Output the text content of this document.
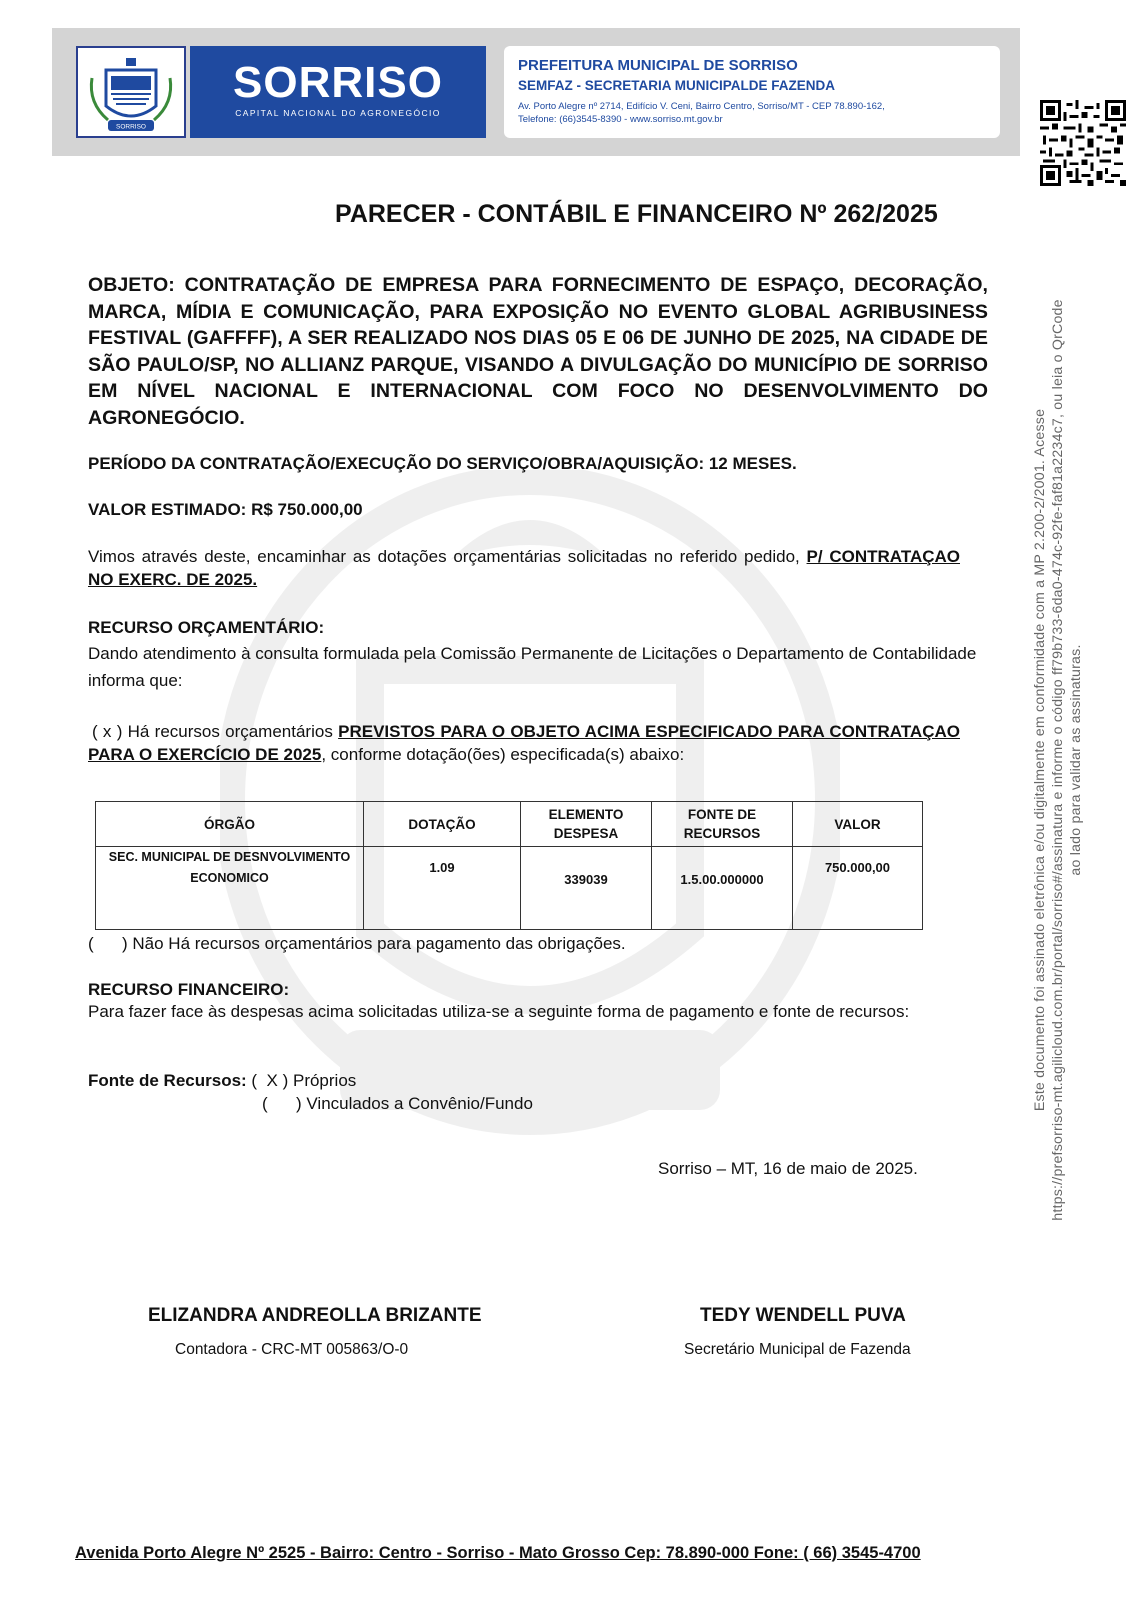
SORRISO
SORRISO
CAPITAL NACIONAL DO AGRONEGÓCIO
PREFEITURA MUNICIPAL DE SORRISO
SEMFAZ - SECRETARIA MUNICIPALDE FAZENDA
Av. Porto Alegre nº 2714, Edifício V. Ceni, Bairro Centro, Sorriso/MT - CEP 78.890-162,
Telefone: (66)3545-8390 - www.sorriso.mt.gov.br
Este documento foi assinado eletrônica e/ou digitalmente em conformidade com a MP 2.200-2/2001. Acesse https://prefsorriso-mt.agilicloud.com.br/portal/sorriso#/assinatura e informe o código ff79b733-6da0-474c-92fe-faf81a2234c7, ou leia o QrCode ao lado para validar as assinaturas.
PARECER - CONTÁBIL E FINANCEIRO Nº 262/2025
OBJETO: CONTRATAÇÃO DE EMPRESA PARA FORNECIMENTO DE ESPAÇO, DECORAÇÃO, MARCA, MÍDIA E COMUNICAÇÃO, PARA EXPOSIÇÃO NO EVENTO GLOBAL AGRIBUSINESS FESTIVAL (GAFFFF), A SER REALIZADO NOS DIAS 05 E 06 DE JUNHO DE 2025, NA CIDADE DE SÃO PAULO/SP, NO ALLIANZ PARQUE, VISANDO A DIVULGAÇÃO DO MUNICÍPIO DE SORRISO EM NÍVEL NACIONAL E INTERNACIONAL COM FOCO NO DESENVOLVIMENTO DO AGRONEGÓCIO.
PERÍODO DA CONTRATAÇÃO/EXECUÇÃO DO SERVIÇO/OBRA/AQUISIÇÃO: 12 MESES.
VALOR ESTIMADO: R$ 750.000,00
Vimos através deste, encaminhar as dotações orçamentárias solicitadas no referido pedido, P/ CONTRATAÇAO NO EXERC. DE 2025.
RECURSO ORÇAMENTÁRIO:
Dando atendimento à consulta formulada pela Comissão Permanente de Licitações o Departamento de Contabilidade informa que:
( x ) Há recursos orçamentários PREVISTOS PARA O OBJETO ACIMA ESPECIFICADO PARA CONTRATAÇAO PARA O EXERCÍCIO DE 2025, conforme dotação(ões) especificada(s) abaixo:
ÓRGÃO	DOTAÇÃO	ELEMENTO DESPESA	FONTE DE RECURSOS	VALOR
SEC. MUNICIPAL DE DESNVOLVIMENTO ECONOMICO	1.09	339039	1.5.00.000000	750.000,00
(      ) Não Há recursos orçamentários para pagamento das obrigações.
RECURSO FINANCEIRO:
Para fazer face às despesas acima solicitadas utiliza-se a seguinte forma de pagamento e fonte de recursos:
Fonte de Recursos: (  X ) Próprios
(      ) Vinculados a Convênio/Fundo
Sorriso – MT, 16 de maio de 2025.
ELIZANDRA ANDREOLLA BRIZANTE
Contadora - CRC-MT 005863/O-0
TEDY WENDELL PUVA
Secretário Municipal de Fazenda
Avenida Porto Alegre Nº 2525 - Bairro: Centro - Sorriso - Mato Grosso Cep: 78.890-000 Fone: ( 66) 3545-4700
